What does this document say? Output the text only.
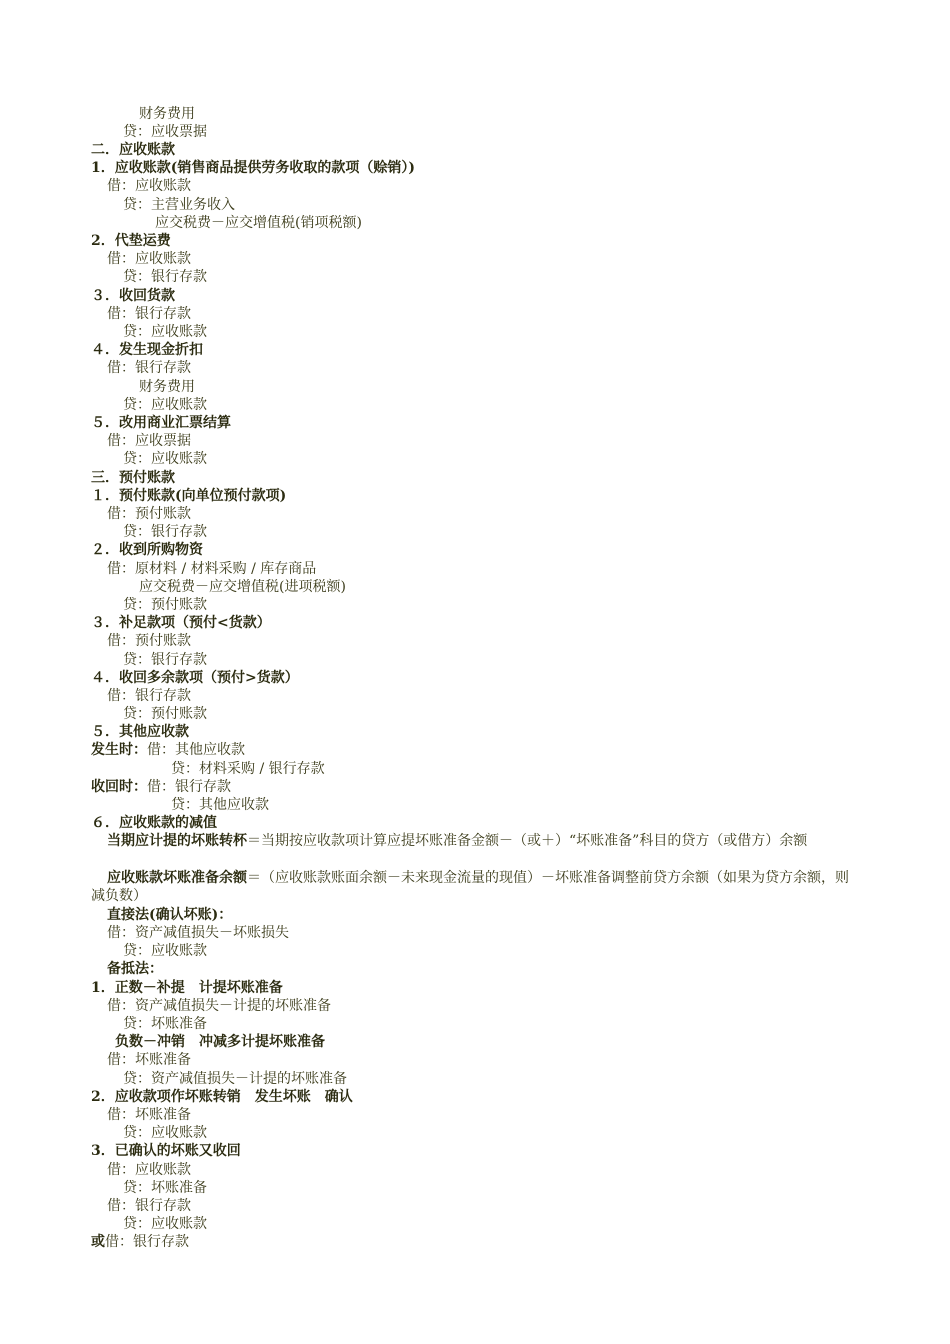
财务费用
贷：应收票据
二．应收账款
1．应收账款(销售商品提供劳务收取的款项（赊销）)
借：应收账款
贷：主营业务收入
应交税费－应交增值税(销项税额)
2．代垫运费
借：应收账款
贷：银行存款
３．收回货款
借：银行存款
贷：应收账款
４．发生现金折扣
借：银行存款
财务费用
贷：应收账款
５．改用商业汇票结算
借：应收票据
贷：应收账款
三．预付账款
１．预付账款(向单位预付款项)
借：预付账款
贷：银行存款
２．收到所购物资
借：原材料 / 材料采购 / 库存商品
应交税费－应交增值税(进项税额)
贷：预付账款
３．补足款项（预付<货款）
借：预付账款
贷：银行存款
４．收回多余款项（预付>货款）
借：银行存款
贷：预付账款
５．其他应收款
发生时：借：其他应收款
贷：材料采购 / 银行存款
收回时：借：银行存款
贷：其他应收款
６．应收账款的减值
当期应计提的坏账转杯＝当期按应收款项计算应提坏账准备金额－（或＋）“坏账准备”科目的贷方（或借方）余额
应收账款坏账准备余额＝（应收账款账面余额－未来现金流量的现值）－坏账准备调整前贷方余额（如果为贷方余额，则减负数）
直接法(确认坏账)：
借：资产减值损失－坏账损失
贷：应收账款
备抵法：
1．正数－补提　计提坏账准备
借：资产减值损失－计提的坏账准备
贷：坏账准备
负数－冲销　冲减多计提坏账准备
借：坏账准备
贷：资产减值损失－计提的坏账准备
2．应收款项作坏账转销　发生坏账　确认
借：坏账准备
贷：应收账款
3．已确认的坏账又收回
借：应收账款
贷：坏账准备
借：银行存款
贷：应收账款
或借：银行存款
